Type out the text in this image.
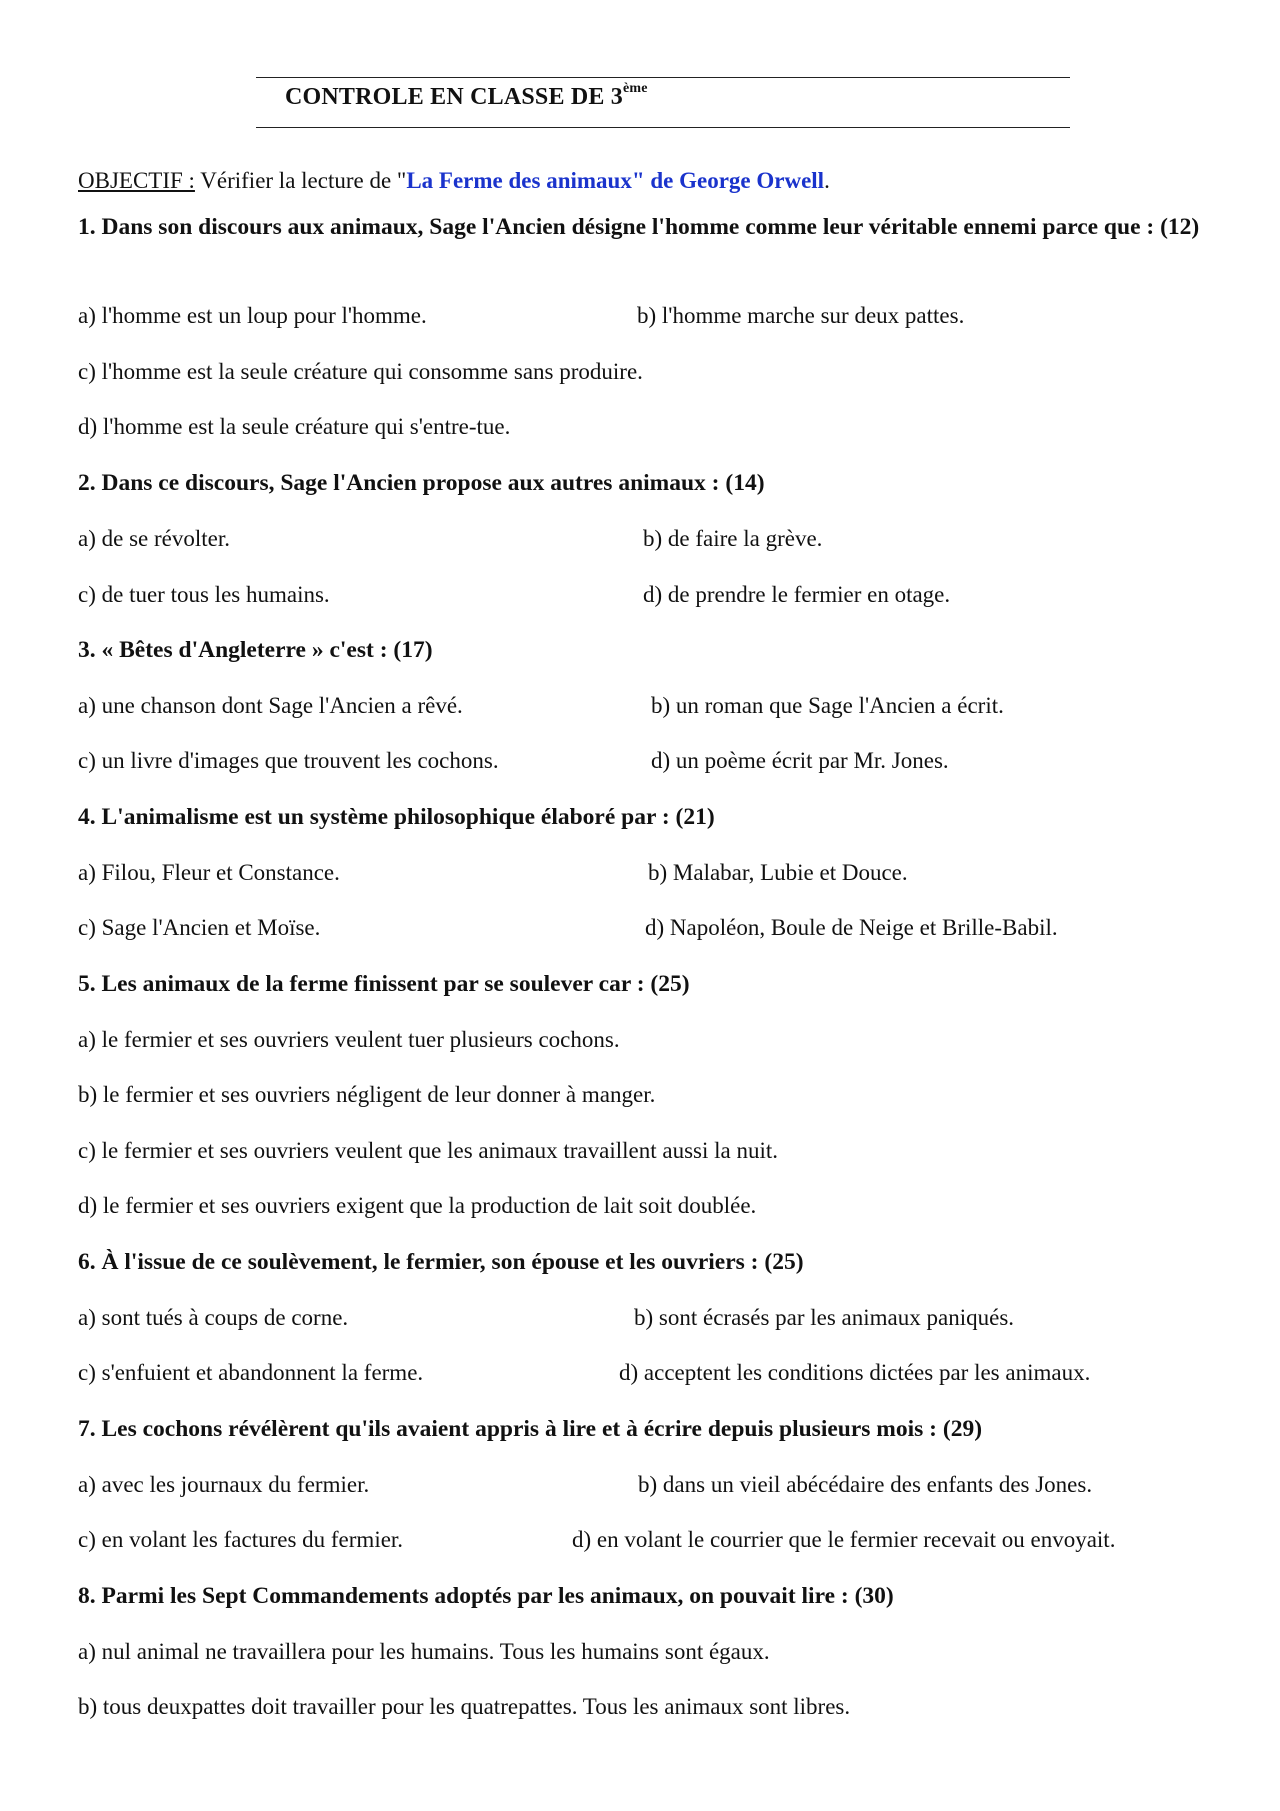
CONTROLE EN CLASSE DE 3ème
OBJECTIF : Vérifier la lecture de "La Ferme des animaux" de George Orwell.
1. Dans son discours aux animaux, Sage l'Ancien désigne l'homme comme leur véritable ennemi parce que : (12)
a) l'homme est un loup pour l'homme.	b) l'homme marche sur deux pattes.
c) l'homme est la seule créature qui consomme sans produire.
d) l'homme est la seule créature qui s'entre-tue.
2. Dans ce discours, Sage l'Ancien propose aux autres animaux : (14)
a) de se révolter.	b) de faire la grève.
c) de tuer tous les humains.	d) de prendre le fermier en otage.
3. « Bêtes d'Angleterre » c'est : (17)
a) une chanson dont Sage l'Ancien a rêvé.	b) un roman que Sage l'Ancien a écrit.
c) un livre d'images que trouvent les cochons.	d) un poème écrit par Mr. Jones.
4. L'animalisme est un système philosophique élaboré par : (21)
a) Filou, Fleur et Constance.	b) Malabar, Lubie et Douce.
c) Sage l'Ancien et Moïse.	d) Napoléon, Boule de Neige et Brille-Babil.
5. Les animaux de la ferme finissent par se soulever car : (25)
a) le fermier et ses ouvriers veulent tuer plusieurs cochons.
b) le fermier et ses ouvriers négligent de leur donner à manger.
c) le fermier et ses ouvriers veulent que les animaux travaillent aussi la nuit.
d) le fermier et ses ouvriers exigent que la production de lait soit doublée.
6. À l'issue de ce soulèvement, le fermier, son épouse et les ouvriers : (25)
a) sont tués à coups de corne.	b) sont écrasés par les animaux paniqués.
c) s'enfuient et abandonnent la ferme.	d) acceptent les conditions dictées par les animaux.
7. Les cochons révélèrent qu'ils avaient appris à lire et à écrire depuis plusieurs mois : (29)
a) avec les journaux du fermier.	b) dans un vieil abécédaire des enfants des Jones.
c) en volant les factures du fermier.	d) en volant le courrier que le fermier recevait ou envoyait.
8. Parmi les Sept Commandements adoptés par les animaux, on pouvait lire : (30)
a) nul animal ne travaillera pour les humains. Tous les humains sont égaux.
b) tous deuxpattes doit travailler pour les quatrepattes. Tous les animaux sont libres.
